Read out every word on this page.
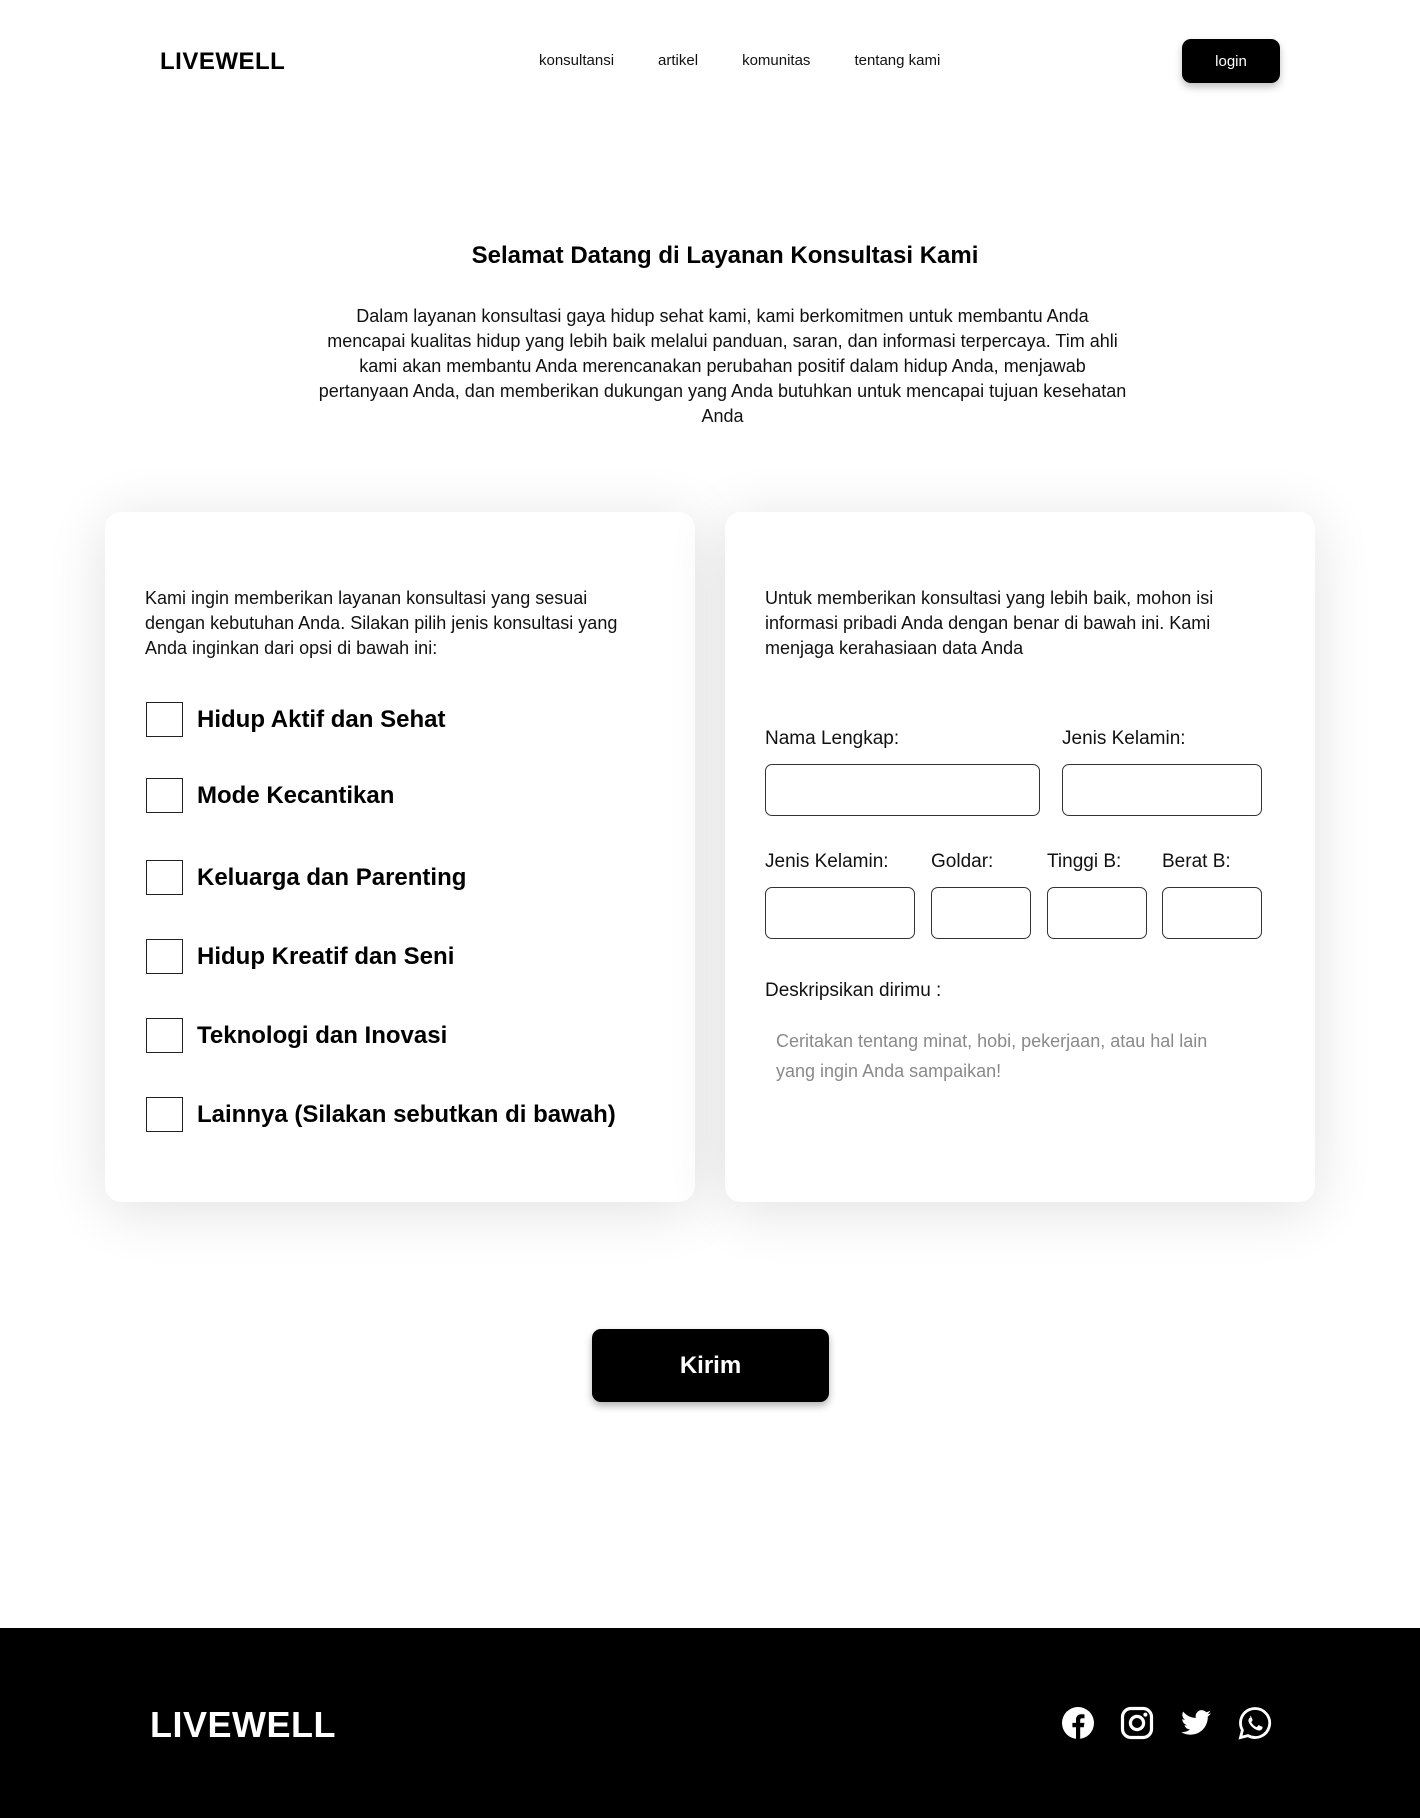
LIVEWELL	konsultansi	artikel	komunitas	tentang kami	login
Selamat Datang di Layanan Konsultasi Kami

Dalam layanan konsultasi gaya hidup sehat kami, kami berkomitmen untuk membantu Anda mencapai kualitas hidup yang lebih baik melalui panduan, saran, dan informasi terpercaya. Tim ahli kami akan membantu Anda merencanakan perubahan positif dalam hidup Anda, menjawab pertanyaan Anda, dan memberikan dukungan yang Anda butuhkan untuk mencapai tujuan kesehatan Anda

Kami ingin memberikan layanan konsultasi yang sesuai dengan kebutuhan Anda. Silakan pilih jenis konsultasi yang Anda inginkan dari opsi di bawah ini:

Hidup Aktif dan Sehat
Mode Kecantikan
Keluarga dan Parenting
Hidup Kreatif dan Seni
Teknologi dan Inovasi
Lainnya (Silakan sebutkan di bawah)

Untuk memberikan konsultasi yang lebih baik, mohon isi informasi pribadi Anda dengan benar di bawah ini. Kami menjaga kerahasiaan data Anda

Nama Lengkap:	Jenis Kelamin:
Jenis Kelamin: Goldar:	Tinggi B: Berat B:
Deskripsikan dirimu :
Ceritakan tentang minat, hobi, pekerjaan, atau hal lain yang ingin Anda sampaikan!
Kirim
LIVEWELL
